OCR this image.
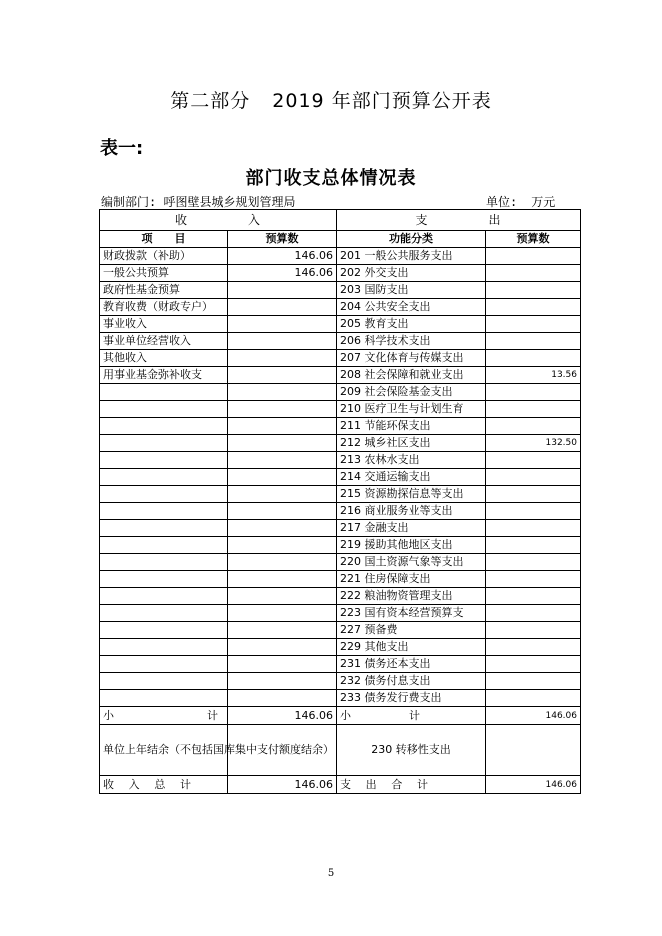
第二部分 2019 年部门预算公开表
表一:
部门收支总体情况表
编制部门: 呼图壁县城乡规划管理局	单位: 万元
收 入		支 出	
项　　目	预算数	功能分类	预算数
财政拨款（补助）	146.06	201 一般公共服务支出	
一般公共预算	146.06	202 外交支出	
政府性基金预算		203 国防支出	
教育收费（财政专户）		204 公共安全支出	
事业收入		205 教育支出	
事业单位经营收入		206 科学技术支出	
其他收入		207 文化体育与传媒支出	
用事业基金弥补收支		208 社会保障和就业支出	13.56
		209 社会保险基金支出	
		210 医疗卫生与计划生育	
		211 节能环保支出	
		212 城乡社区支出	132.50
		213 农林水支出	
		214 交通运输支出	
		215 资源勘探信息等支出	
		216 商业服务业等支出	
		217 金融支出	
		219 援助其他地区支出	
		220 国土资源气象等支出	
		221 住房保障支出	
		222 粮油物资管理支出	
		223 国有资本经营预算支	
		227 预备费	
		229 其他支出	
		231 债务还本支出	
		232 债务付息支出	
		233 债务发行费支出	

小 计	146.06	小 计	146.06
单位上年结余（不包括国库集中支付额度结余）		230 转移性支出	

收 入 总 计	146.06	支 出 合 计	146.06
5
